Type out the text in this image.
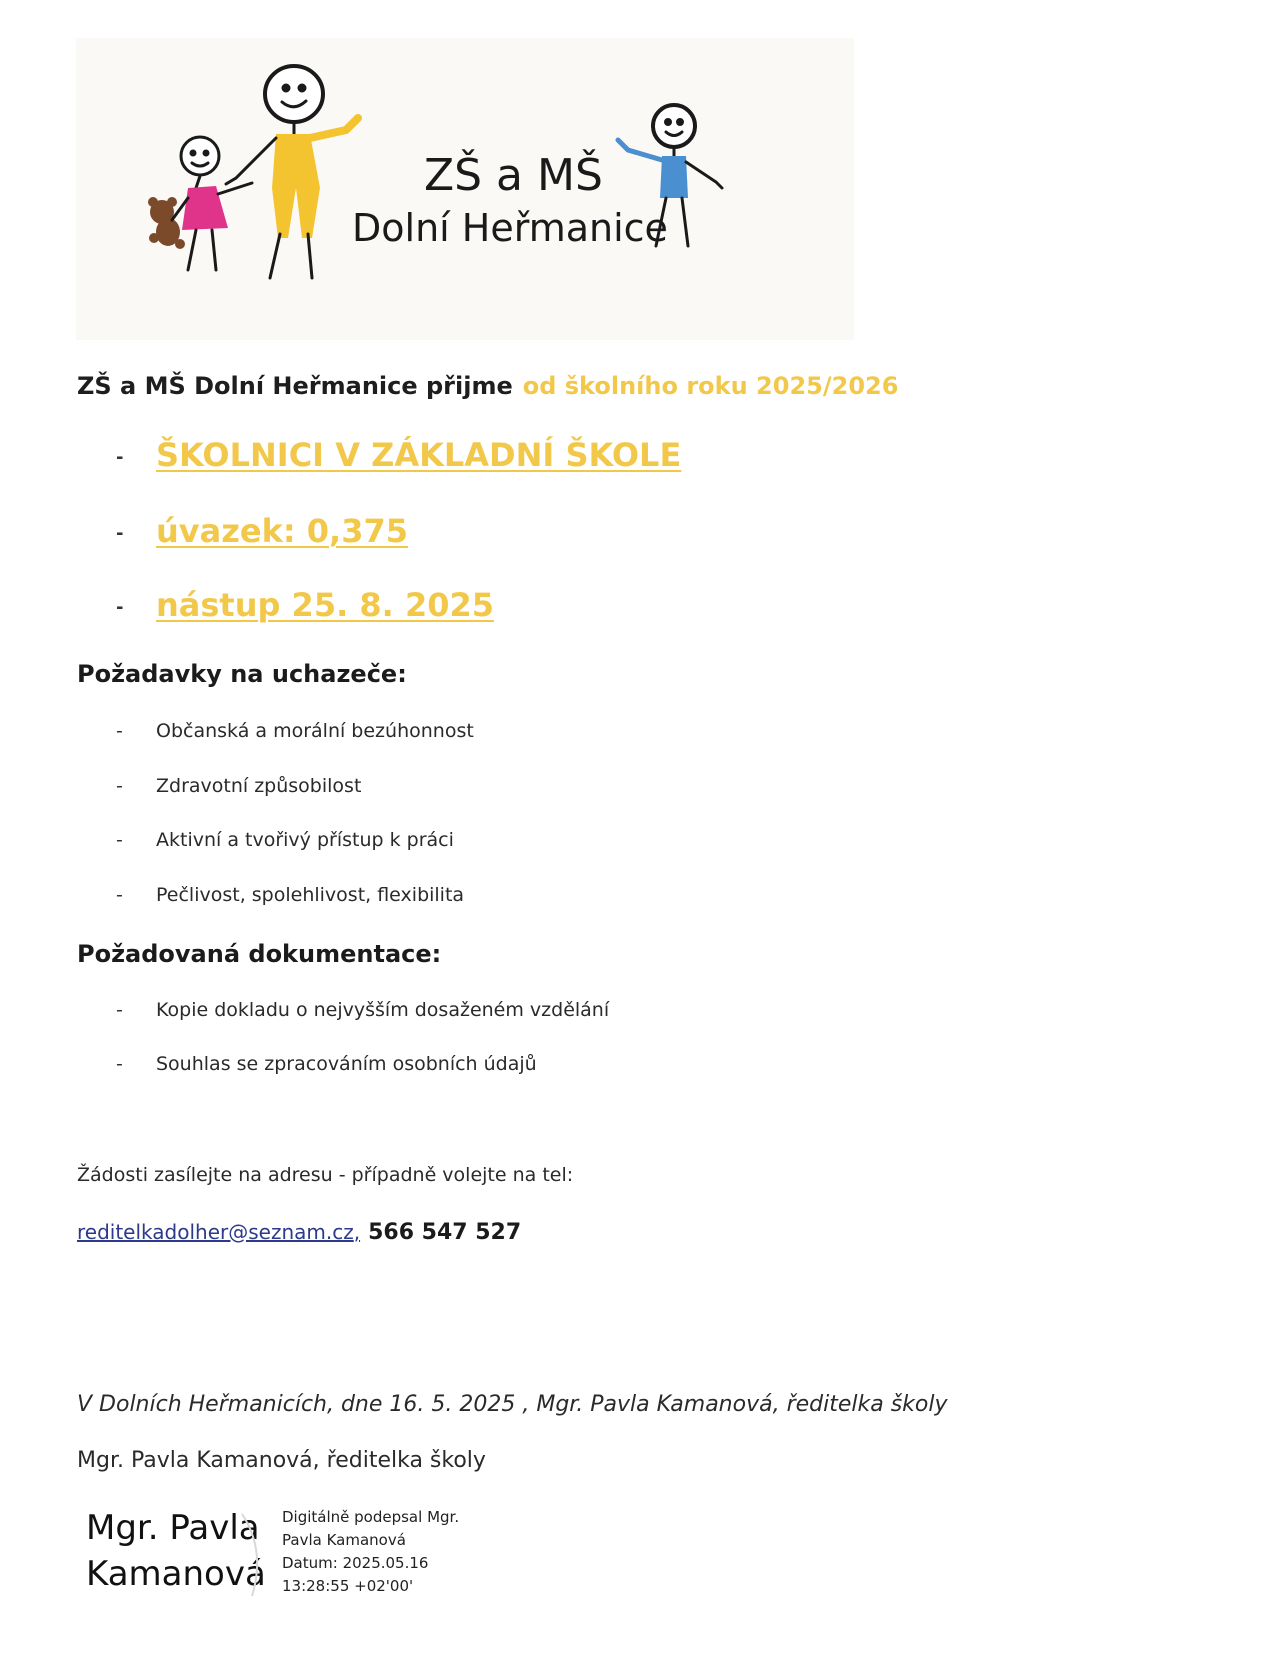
ZŠ a MŠ
Dolní Heřmanice
ZŠ a MŠ Dolní Heřmanice přijme od školního roku 2025/2026
- ŠKOLNICI V ZÁKLADNÍ ŠKOLE
- úvazek: 0,375
- nástup 25. 8. 2025
Požadavky na uchazeče:
- Občanská a morální bezúhonnost
- Zdravotní způsobilost
- Aktivní a tvořivý přístup k práci
- Pečlivost, spolehlivost, flexibilita
Požadovaná dokumentace:
- Kopie dokladu o nejvyšším dosaženém vzdělání
- Souhlas se zpracováním osobních údajů
Žádosti zasílejte na adresu - případně volejte na tel:
reditelkadolher@seznam.cz, 566 547 527
V Dolních Heřmanicích, dne 16. 5. 2025 , Mgr. Pavla Kamanová, ředitelka školy
Mgr. Pavla Kamanová, ředitelka školy
Mgr. Pavla
Kamanová
Digitálně podepsal Mgr.
Pavla Kamanová
Datum: 2025.05.16
13:28:55 +02'00'
